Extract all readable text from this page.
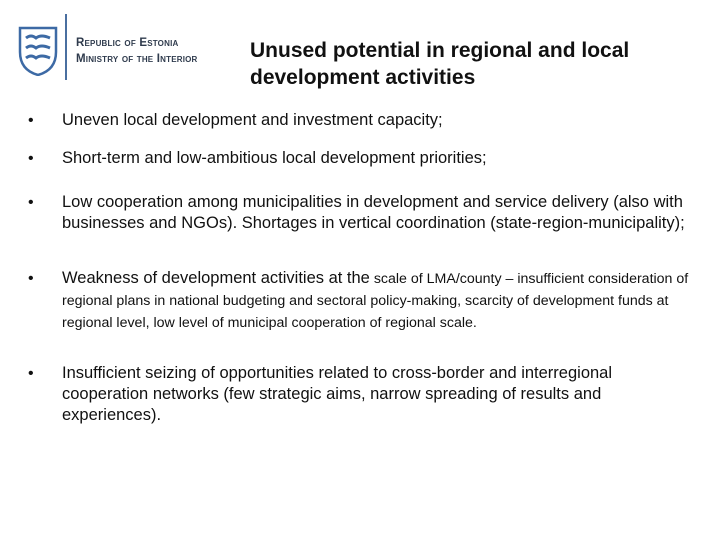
Republic of Estonia
Ministry of the Interior Unused potential in regional and local development activities
• Uneven local development and investment capacity;
• Short-term and low-ambitious local development priorities;
• Low cooperation among municipalities in development and service delivery (also with businesses and NGOs). Shortages in vertical coordination (state-region-municipality);
• Weakness of development activities at the scale of LMA/county – insufficient consideration of regional plans in national budgeting and sectoral policy-making, scarcity of development funds at regional level, low level of municipal cooperation of regional scale.
• Insufficient seizing of opportunities related to cross-border and interregional cooperation networks (few strategic aims, narrow spreading of results and experiences).
